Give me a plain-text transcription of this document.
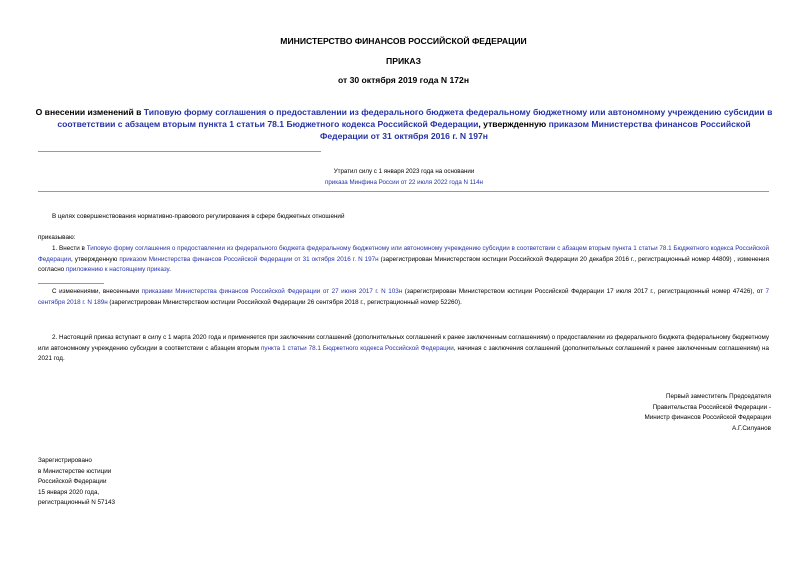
МИНИСТЕРСТВО ФИНАНСОВ РОССИЙСКОЙ ФЕДЕРАЦИИ
ПРИКАЗ
от 30 октября 2019 года N 172н
О внесении изменений в Типовую форму соглашения о предоставлении из федерального бюджета федеральному бюджетному или автономному учреждению субсидии в соответствии с абзацем вторым пункта 1 статьи 78.1 Бюджетного кодекса Российской Федерации, утвержденную приказом Министерства финансов Российской Федерации от 31 октября 2016 г. N 197н
Утратил силу с 1 января 2023 года на основании
приказа Минфина России от 22 июля 2022 года N 114н
В целях совершенствования нормативно-правового регулирования в сфере бюджетных отношений
приказываю:
1. Внести в Типовую форму соглашения о предоставлении из федерального бюджета федеральному бюджетному или автономному учреждению субсидии в соответствии с абзацем вторым пункта 1 статьи 78.1 Бюджетного кодекса Российской Федерации, утвержденную приказом Министерства финансов Российской Федерации от 31 октября 2016 г. N 197н (зарегистрирован Министерством юстиции Российской Федерации 20 декабря 2016 г., регистрационный номер 44809) , изменения согласно приложению к настоящему приказу.
С изменениями, внесенными приказами Министерства финансов Российской Федерации от 27 июня 2017 г. N 103н (зарегистрирован Министерством юстиции Российской Федерации 17 июля 2017 г., регистрационный номер 47426), от 7 сентября 2018 г. N 189н (зарегистрирован Министерством юстиции Российской Федерации 26 сентября 2018 г., регистрационный номер 52260).
2. Настоящий приказ вступает в силу с 1 марта 2020 года и применяется при заключении соглашений (дополнительных соглашений к ранее заключенным соглашениям) о предоставлении из федерального бюджета федеральному бюджетному или автономному учреждению субсидии в соответствии с абзацем вторым пункта 1 статьи 78.1 Бюджетного кодекса Российской Федерации, начиная с заключения соглашений (дополнительных соглашений к ранее заключенным соглашениям) на 2021 год.
Первый заместитель Председателя
Правительства Российской Федерации -
Министр финансов Российской Федерации
А.Г.Силуанов
Зарегистрировано
в Министерстве юстиции
Российской Федерации
15 января 2020 года,
регистрационный N 57143
